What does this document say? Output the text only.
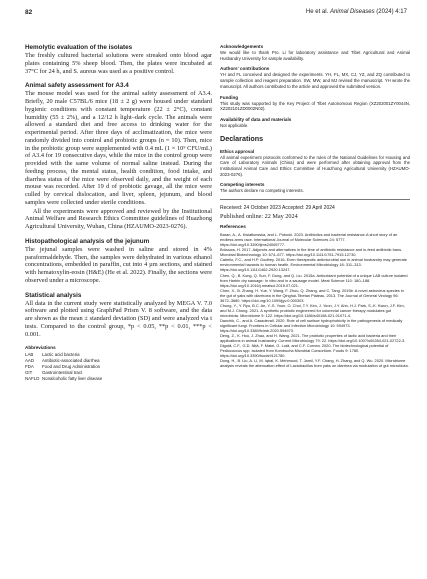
82	He et al. Animal Diseases (2024) 4:17
Hemolytic evaluation of the isolates

The freshly cultured bacterial solutions were streaked onto blood agar plates containing 5% sheep blood. Then, the plates were incubated at 37°C for 24 h, and S. aureus was used as a positive control.

Animal safety assessment for A3.4

The mouse model was used for the animal safety assessment of A3.4. Briefly, 20 male C57BL/6 mice (18 ± 2 g) were housed under standard hygienic conditions with constant temperature (22 ± 2°C), constant humidity (55 ± 2%), and a 12/12 h light–dark cycle. The animals were allowed a standard diet and free access to drinking water for the experimental period. After three days of acclimatization, the mice were randomly divided into control and probiotic groups (n = 10). Then, mice in the probiotic group were supplemented with 0.4 mL (1 × 10⁹ CFU/mL) of A3.4 for 19 consecutive days, while the mice in the control group were provided with the same volume of normal saline instead. During the feeding process, the mental status, health condition, food intake, and diarrhea status of the mice were observed daily, and the weight of each mouse was recorded. After 19 d of probiotic gavage, all the mice were culled by cervical dislocation, and liver, spleen, jejunum, and blood samples were collected under sterile conditions.

All the experiments were approved and reviewed by the Institutional Animal Welfare and Research Ethics Committee guidelines of Huazhong Agricultural University, Wuhan, China (HZAUMO-2023-0276).

Histopathological analysis of the jejunum

The jejunal samples were washed in saline and stored in 4% paraformaldehyde. Then, the samples were dehydrated in various ethanol concentrations, embedded in paraffin, cut into 4 µm sections, and stained with hematoxylin-eosin (H&E) (He et al. 2022). Finally, the sections were observed under a microscope.

Statistical analysis

All data in the current study were statistically analyzed by MEGA V. 7.0 software and plotted using GraphPad Prism V. 8 software, and the data are shown as the mean ± standard deviation (SD) and were analyzed via t tests. Compared to the control group, *p < 0.05, **p < 0.01, ***p < 0.001.

Abbreviations
LAB	Lactic acid bacteria
AAD	Antibiotic-associated diarrhea
FDA	Food and Drug Administration
GIT	Gastrointestinal tract
NAFLD Nonalcoholic fatty liver disease
Acknowledgements

We would like to thank Pro. Li for laboratory assistance and Tibet Agricultural and Animal Husbandry University for sample availability.

Authors' contributions

YH and FL conceived and designed the experiments. YH, FL, MX, CJ, YZ, and ZQ contributed to sample collection and reagent preparation. SW, MW, and MJ revised the manuscript. YH wrote the manuscript. All authors contributed to the article and approved the submitted version.

Funding

This study was supported by the Key Project of Tibet Autonomous Region (XZ202001ZY0044N, XZ202101ZD0002N02).

Availability of data and materials

Not applicable.

Declarations
Ethics approval

All animal experiment protocols conformed to the rules of the National Guidelines for Housing and Care of Laboratory Animals (China) and were performed after obtaining approval from the Institutional Animal Care and Ethics Committee of Huazhong Agricultural University (HZAUMO-2023-0276).

Competing interests

The authors declare no competing interests.

Received: 24 October 2023 Accepted: 29 April 2024
Published online: 22 May 2024
References
Baran, A., A. Kwiatkowska, and L. Potocki. 2023. Antibiotics and bacterial resistance-A short story of an endless arms race. International Journal of Molecular Sciences 24: 5777. https://doi.org/10.3390/ijms24065777.
Brüssow, H. 2017. Adjuncts and alternatives in the time of antibiotic resistance and in-feed antibiotic bans. Microbial Biotechnology 10: 674–677. https://doi.org/10.1111/1751-7915.12730.
Cabello, F.C., and H.P. Godfrey. 2016. Even therapeutic antimicrobial use in animal husbandry may generate environmental hazards to human health. Environmental Microbiology 18: 311–313. https://doi.org/10.1111/1462-2920.13247.
Chen, Q., B. Kong, Q. Sun, F. Dong, and Q. Liu. 2015a. Antioxidant potential of a unique LAB culture isolated from Harbin dry sausage: In vitro and in a sausage model. Meat Science 110: 180–188. https://doi.org/10.1016/j.meatsci.2015.07.021.
Chen, X., B. Zhang, H. Yue, Y. Wang, F. Zhou, Q. Zhang, and C. Tang. 2015b. A novel astrovirus species in the gut of yaks with diarrhoea in the Qinghai-Tibetan Plateau, 2013. The Journal of General Virology 96: 3672–3680. https://doi.org/10.1099/jgv.0.000303.
Chung, Y., Y. Ryu, B.C. An, Y.-S. Yoon, O. Choi, T.Y. Kim, J. Yoon, J.Y. Ahn, H.J. Park, S.-K. Kwon, J.F. Kim, and M.J. Chung. 2021. A synthetic probiotic engineered for colorectal cancer therapy modulates gut microbiota. Microbiome 9: 122. https://doi.org/10.1186/s40168-021-01071-4.
Danchik, C., and A. Casadevall. 2020. Role of cell surface hydrophobicity in the pathogenesis of medically significant fungi. Frontiers in Cellular and Infection Microbiology 10: 594973. https://doi.org/10.3389/fcimb.2020.594973.
Deng, Z., K. Hou, J. Zhao, and H. Wang. 2021. The probiotic properties of lactic acid bacteria and their applications in animal husbandry. Current Microbiology 79: 22. https://doi.org/10.1007/s00284-021-02722-3.
Diguță, C.F., G.D. Niță, F. Matei, G. Luță, and C.F. Cornea. 2020. The biotechnological potential of Pediococcus spp. isolated from Kombucha Microbial Consortium. Foods 9: 1780. https://doi.org/10.3390/foods9121780.
Dong, H., B. Liu, A. Li, M. Iqbal, K. Mehmood, T. Jamil, Y.F. Chang, H. Zhang, and Q. Wu. 2020. Microbiome analysis reveals the attenuation effect of Lactobacillus from yaks on diarrhea via modulation of gut microbiota.
